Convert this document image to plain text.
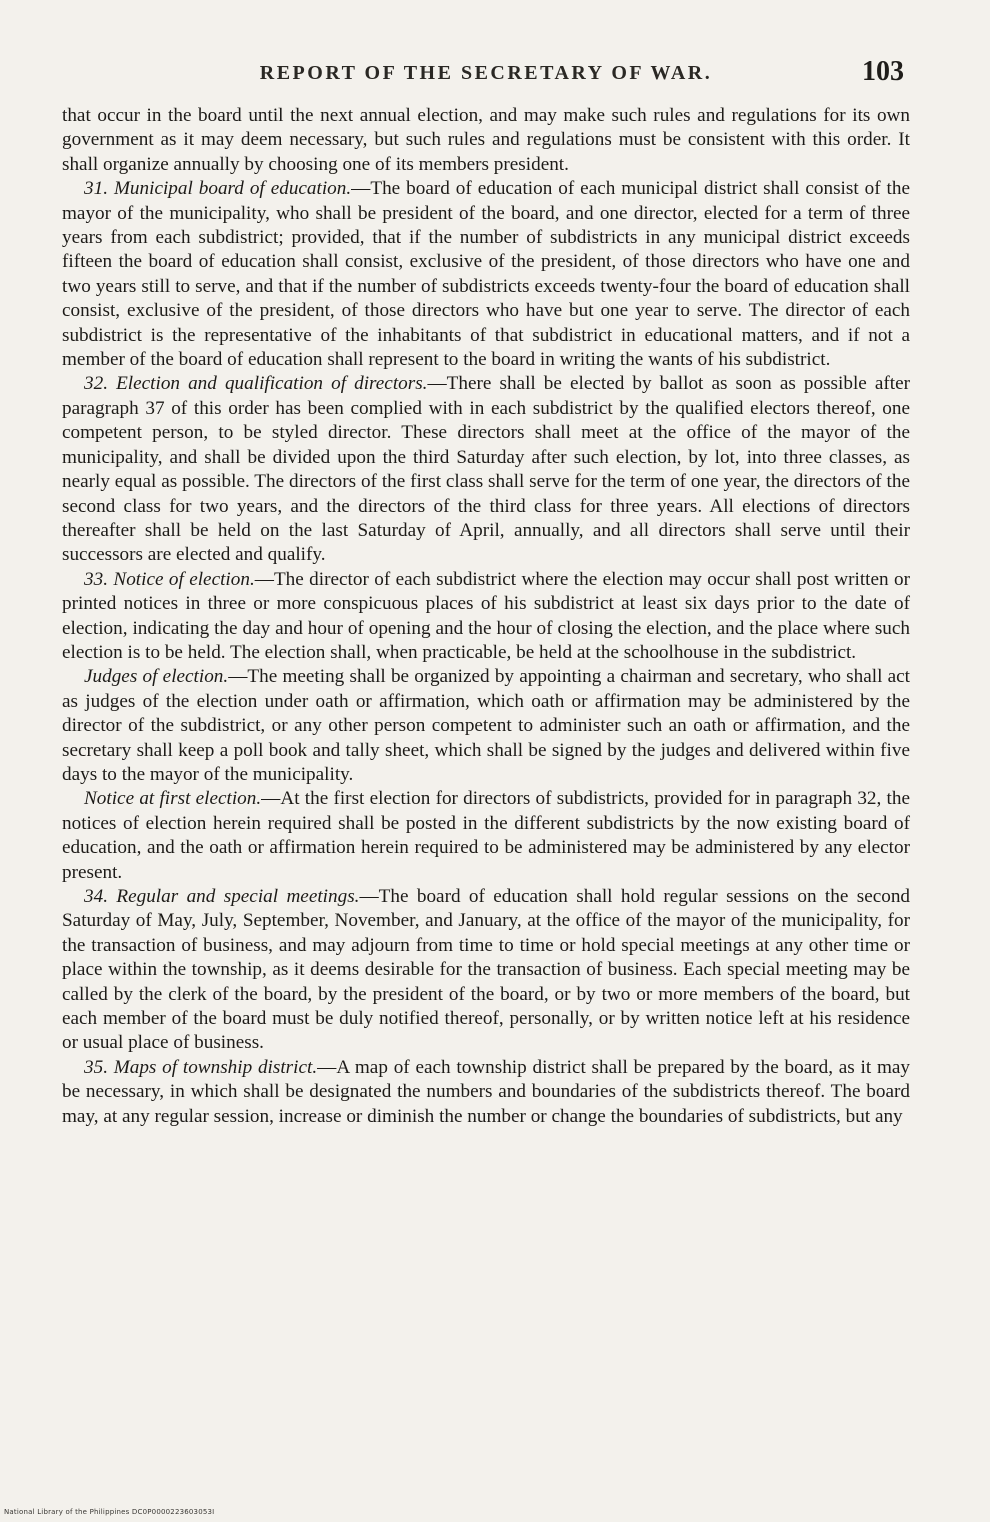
REPORT OF THE SECRETARY OF WAR.	103

that occur in the board until the next annual election, and may make such rules and regulations for its own government as it may deem necessary, but such rules and regulations must be consistent with this order. It shall organize annually by choosing one of its members president.

31. Municipal board of education.—The board of education of each municipal district shall consist of the mayor of the municipality, who shall be president of the board, and one director, elected for a term of three years from each subdistrict; provided, that if the number of subdistricts in any municipal district exceeds fifteen the board of education shall consist, exclusive of the president, of those directors who have one and two years still to serve, and that if the number of subdistricts exceeds twenty-four the board of education shall consist, exclusive of the president, of those directors who have but one year to serve. The director of each subdistrict is the representative of the inhabitants of that subdistrict in educational matters, and if not a member of the board of education shall represent to the board in writing the wants of his subdistrict.

32. Election and qualification of directors.—There shall be elected by ballot as soon as possible after paragraph 37 of this order has been complied with in each subdistrict by the qualified electors thereof, one competent person, to be styled director. These directors shall meet at the office of the mayor of the municipality, and shall be divided upon the third Saturday after such election, by lot, into three classes, as nearly equal as possible. The directors of the first class shall serve for the term of one year, the directors of the second class for two years, and the directors of the third class for three years. All elections of directors thereafter shall be held on the last Saturday of April, annually, and all directors shall serve until their successors are elected and qualify.

33. Notice of election.—The director of each subdistrict where the election may occur shall post written or printed notices in three or more conspicuous places of his subdistrict at least six days prior to the date of election, indicating the day and hour of opening and the hour of closing the election, and the place where such election is to be held. The election shall, when practicable, be held at the schoolhouse in the subdistrict.

Judges of election.—The meeting shall be organized by appointing a chairman and secretary, who shall act as judges of the election under oath or affirmation, which oath or affirmation may be administered by the director of the subdistrict, or any other person competent to administer such an oath or affirmation, and the secretary shall keep a poll book and tally sheet, which shall be signed by the judges and delivered within five days to the mayor of the municipality.

Notice at first election.—At the first election for directors of subdistricts, provided for in paragraph 32, the notices of election herein required shall be posted in the different subdistricts by the now existing board of education, and the oath or affirmation herein required to be administered may be administered by any elector present.

34. Regular and special meetings.—The board of education shall hold regular sessions on the second Saturday of May, July, September, November, and January, at the office of the mayor of the municipality, for the transaction of business, and may adjourn from time to time or hold special meetings at any other time or place within the township, as it deems desirable for the transaction of business. Each special meeting may be called by the clerk of the board, by the president of the board, or by two or more members of the board, but each member of the board must be duly notified thereof, personally, or by written notice left at his residence or usual place of business.

35. Maps of township district.—A map of each township district shall be prepared by the board, as it may be necessary, in which shall be designated the numbers and boundaries of the subdistricts thereof. The board may, at any regular session, increase or diminish the number or change the boundaries of subdistricts, but any

National Library of the Philippines DC0P0000223603053I
